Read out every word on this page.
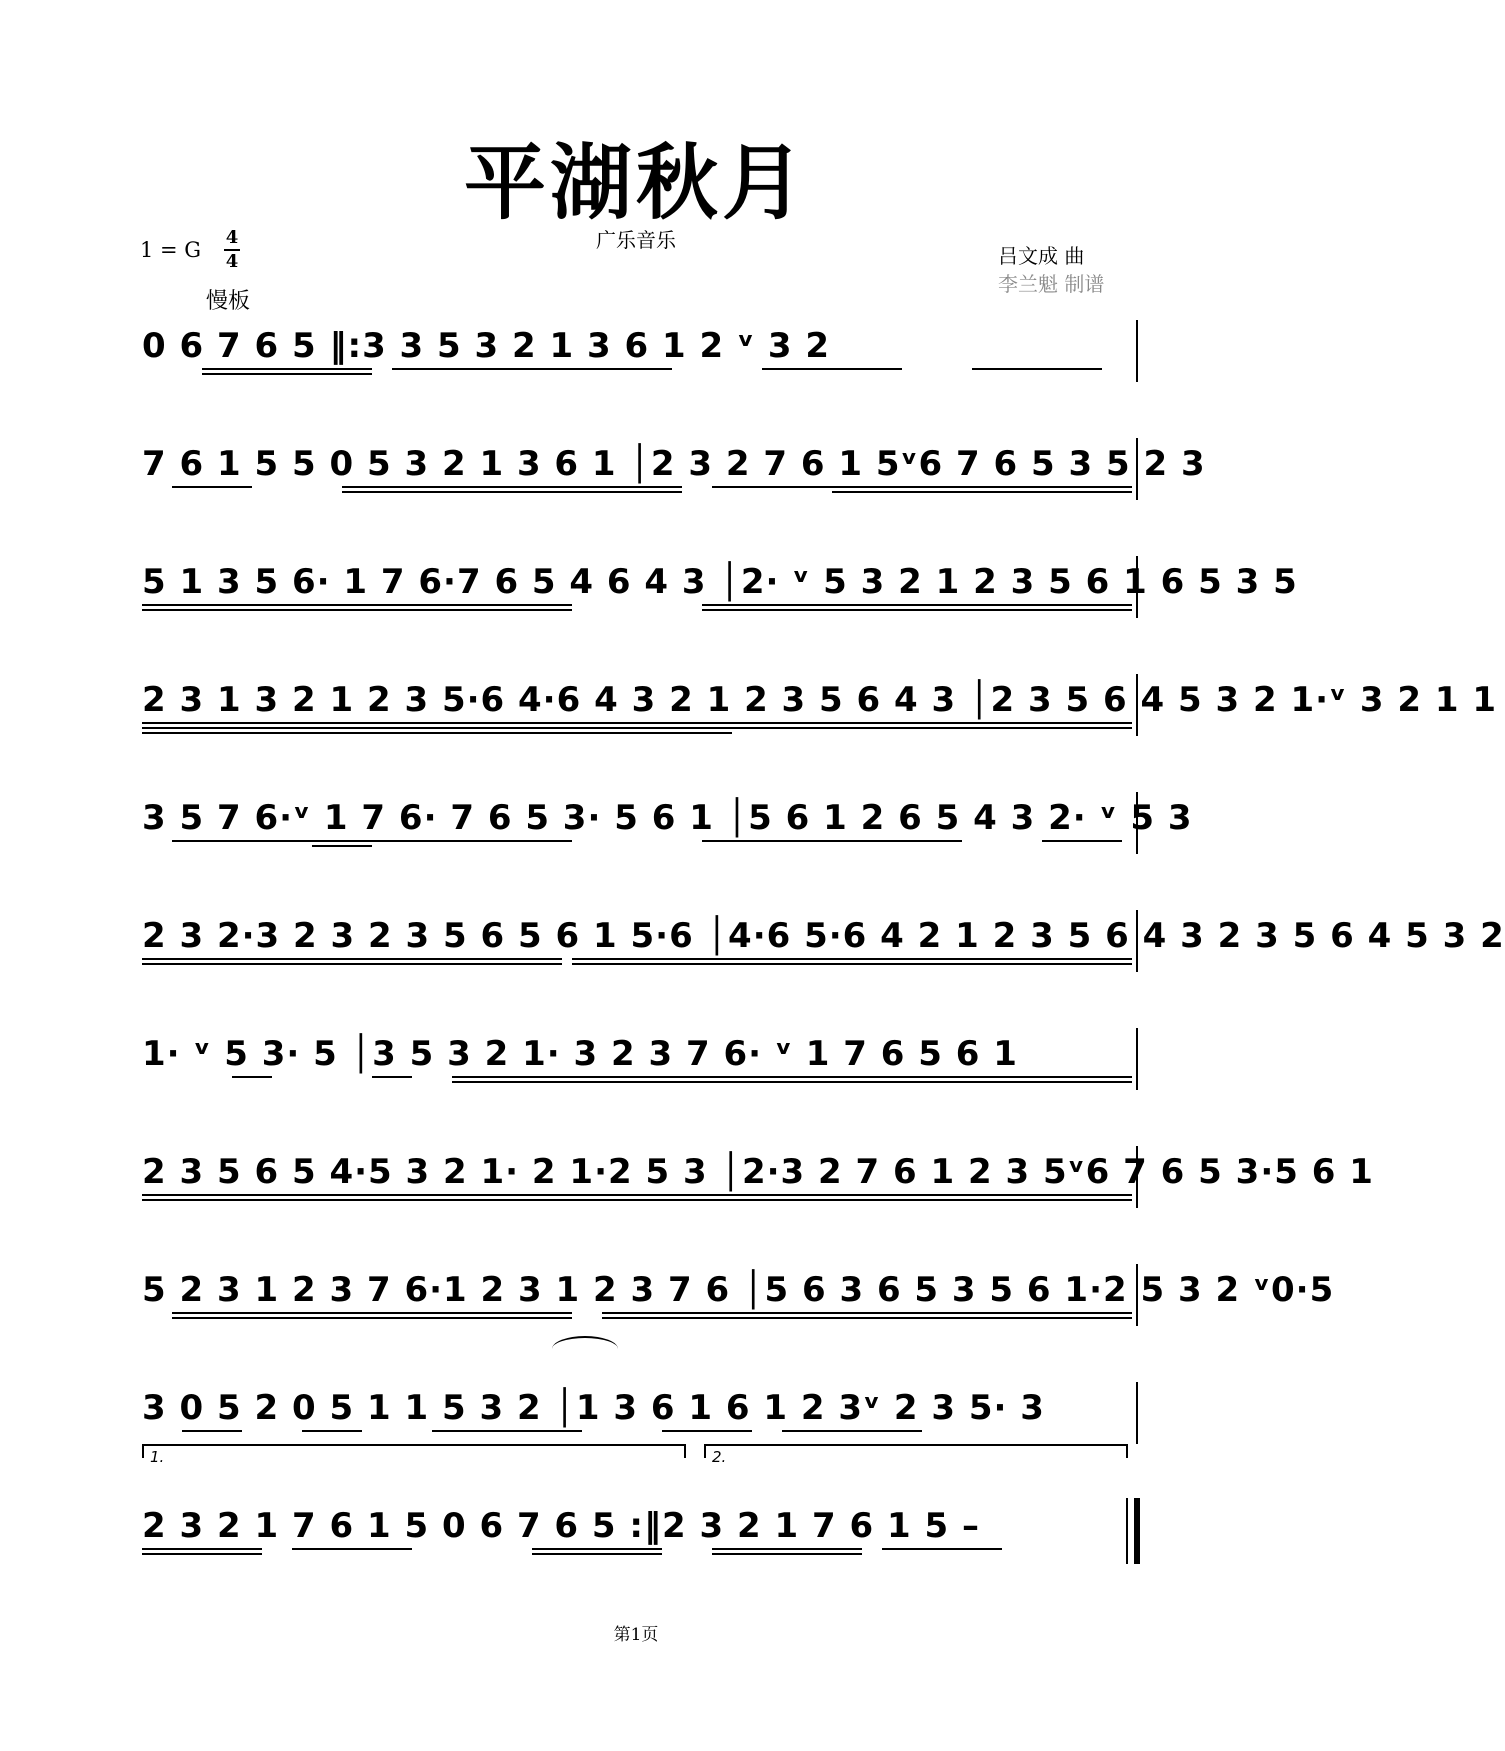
平湖秋月
广乐音乐
1 = G
4
4
慢板
吕文成 曲
李兰魁 制谱
0 6 7 6 5 ‖:3 3 5 3 2 1 3 6 1 2 ᵛ 3 2
7 6 1 5 5 0 5 3 2 1 3 6 1 │2 3 2 7 6 1 5ᵛ6 7 6 5 3 5 2 3
5 1 3 5 6· 1 7 6·7 6 5 4 6 4 3 │2· ᵛ 5 3 2 1 2 3 5 6 1 6 5 3 5
2 3 1 3 2 1 2 3 5·6 4·6 4 3 2 1 2 3 5 6 4 3 │2 3 5 6 4 5 3 2 1·ᵛ 3 2 1 1
3 5 7 6·ᵛ 1 7 6· 7 6 5 3· 5 6 1 │5 6 1 2 6 5 4 3 2· ᵛ 5 3
2 3 2·3 2 3 2 3 5 6 5 6 1 5·6 │4·6 5·6 4 2 1 2 3 5 6 4 3 2 3 5 6 4 5 3 2
1· ᵛ 5 3· 5 │3 5 3 2 1· 3 2 3 7 6· ᵛ 1 7 6 5 6 1
2 3 5 6 5 4·5 3 2 1· 2 1·2 5 3 │2·3 2 7 6 1 2 3 5ᵛ6 7 6 5 3·5 6 1
5 2 3 1 2 3 7 6·1 2 3 1 2 3 7 6 │5 6 3 6 5 3 5 6 1·2 5 3 2 ᵛ0·5
3 0 5 2 0 5 1 1 5 3 2 │1 3 6 1 6 1 2 3ᵛ 2 3 5· 3
1.	2.
2 3 2 1 7 6 1 5 0 6 7 6 5 :‖2 3 2 1 7 6 1 5 –
第1页
